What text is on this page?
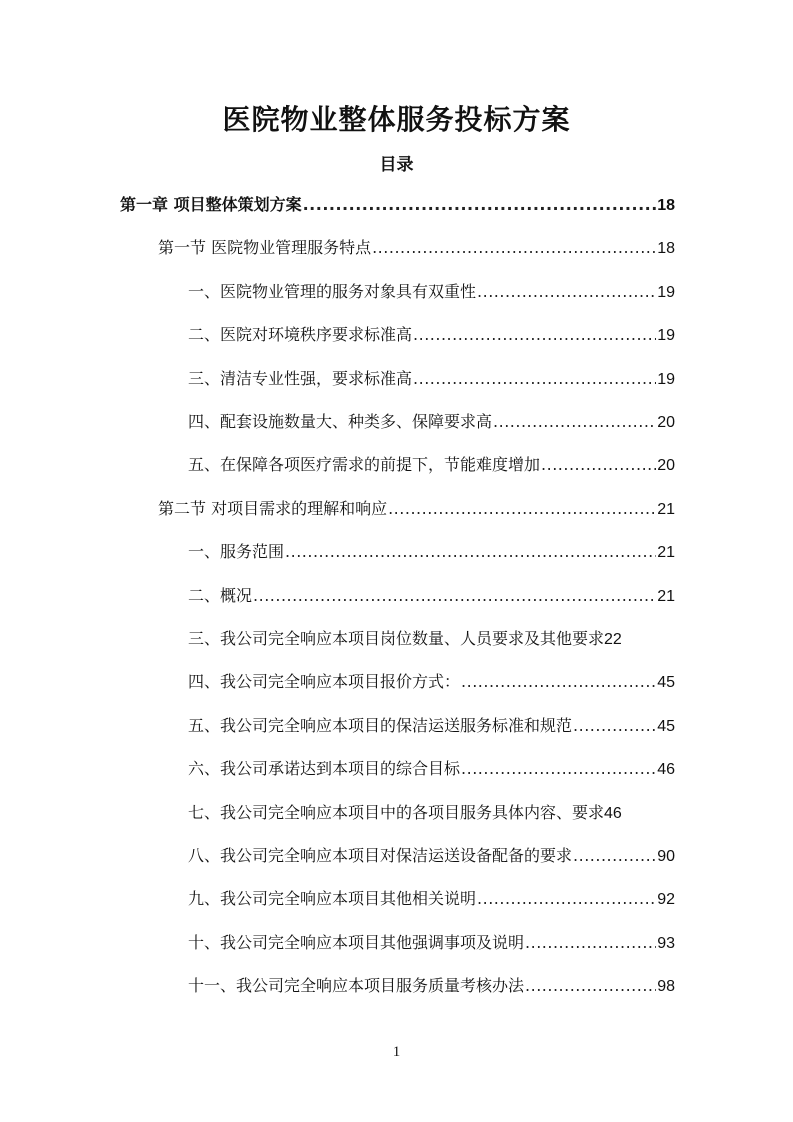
医院物业整体服务投标方案
目录
第一章 项目整体策划方案 .....	18
第一节 医院物业管理服务特点 .....	18
一、医院物业管理的服务对象具有双重性 .....	19
二、医院对环境秩序要求标准高 .....	19
三、清洁专业性强，要求标准高 .....	19
四、配套设施数量大、种类多、保障要求高 .....	20
五、在保障各项医疗需求的前提下，节能难度增加 .....	20
第二节 对项目需求的理解和响应 .....	21
一、服务范围 .....	21
二、概况 .....	21
三、我公司完全响应本项目岗位数量、人员要求及其他要求 22
四、我公司完全响应本项目报价方式： .....	45
五、我公司完全响应本项目的保洁运送服务标准和规范 .....	45
六、我公司承诺达到本项目的综合目标 .....	46
七、我公司完全响应本项目中的各项目服务具体内容、要求 46
八、我公司完全响应本项目对保洁运送设备配备的要求 .....	90
九、我公司完全响应本项目其他相关说明 .....	92
十、我公司完全响应本项目其他强调事项及说明 .....	93
十一、我公司完全响应本项目服务质量考核办法 .....	98
1
